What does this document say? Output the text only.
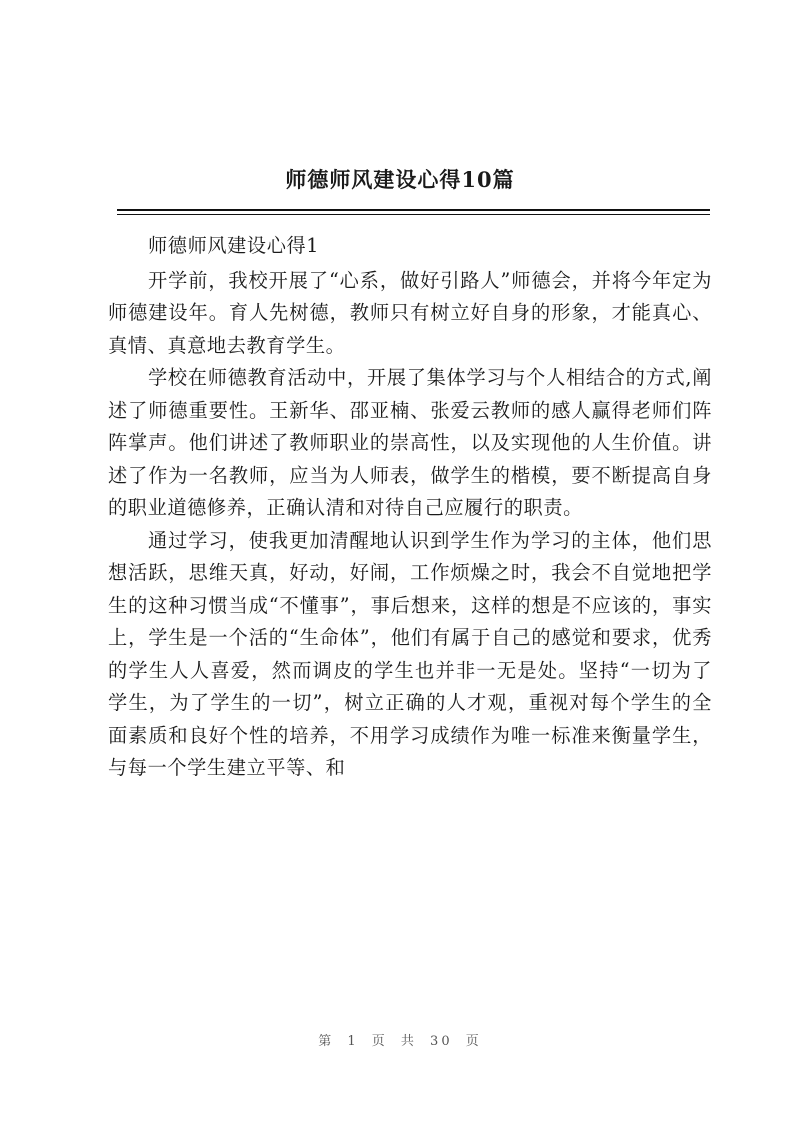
师德师风建设心得10篇

师德师风建设心得1

开学前，我校开展了“心系，做好引路人”师德会，并将今年定为师德建设年。育人先树德，教师只有树立好自身的形象，才能真心、真情、真意地去教育学生。

学校在师德教育活动中，开展了集体学习与个人相结合的方式,阐述了师德重要性。王新华、邵亚楠、张爱云教师的感人赢得老师们阵阵掌声。他们讲述了教师职业的崇高性，以及实现他的人生价值。讲述了作为一名教师，应当为人师表，做学生的楷模，要不断提高自身的职业道德修养，正确认清和对待自己应履行的职责。

通过学习，使我更加清醒地认识到学生作为学习的主体，他们思想活跃，思维天真，好动，好闹，工作烦燥之时，我会不自觉地把学生的这种习惯当成“不懂事”，事后想来，这样的想是不应该的，事实上，学生是一个活的“生命体”，他们有属于自己的感觉和要求，优秀的学生人人喜爱，然而调皮的学生也并非一无是处。坚持“一切为了学生，为了学生的一切”，树立正确的人才观，重视对每个学生的全面素质和良好个性的培养，不用学习成绩作为唯一标准来衡量学生，与每一个学生建立平等、和

第 1 页 共 30 页
